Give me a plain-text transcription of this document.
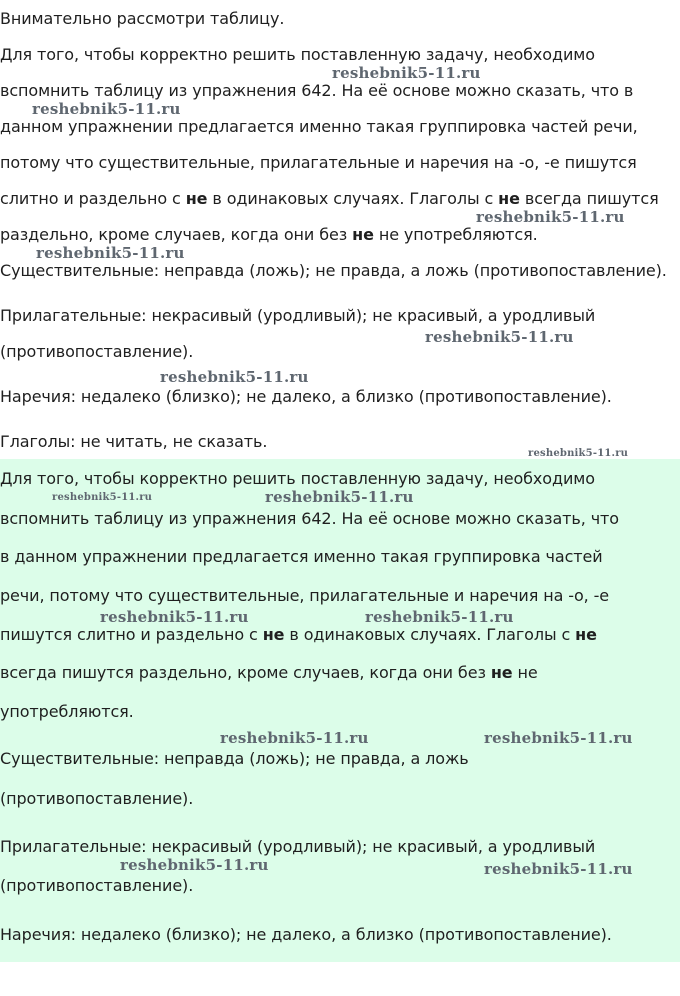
Внимательно рассмотри таблицу.
Для того, чтобы корректно решить поставленную задачу, необходимо
вспомнить таблицу из упражнения 642. На её основе можно сказать, что в
данном упражнении предлагается именно такая группировка частей речи,
потому что существительные, прилагательные и наречия на -о, -е пишутся
слитно и раздельно с не в одинаковых случаях. Глаголы с не всегда пишутся
раздельно, кроме случаев, когда они без не не употребляются.
Существительные: неправда (ложь); не правда, а ложь (противопоставление).
Прилагательные: некрасивый (уродливый); не красивый, а уродливый
(противопоставление).
Наречия: недалеко (близко); не далеко, а близко (противопоставление).
Глаголы: не читать, не сказать.
Для того, чтобы корректно решить поставленную задачу, необходимо
вспомнить таблицу из упражнения 642. На её основе можно сказать, что
в данном упражнении предлагается именно такая группировка частей
речи, потому что существительные, прилагательные и наречия на -о, -е
пишутся слитно и раздельно с не в одинаковых случаях. Глаголы с не
всегда пишутся раздельно, кроме случаев, когда они без не не
употребляются.
Существительные: неправда (ложь); не правда, а ложь
(противопоставление).
Прилагательные: некрасивый (уродливый); не красивый, а уродливый
(противопоставление).
Наречия: недалеко (близко); не далеко, а близко (противопоставление).
reshebnik5-11.ru
reshebnik5-11.ru
reshebnik5-11.ru
reshebnik5-11.ru
reshebnik5-11.ru
reshebnik5-11.ru
reshebnik5-11.ru
reshebnik5-11.ru	reshebnik5-11.ru
reshebnik5-11.ru	reshebnik5-11.ru
reshebnik5-11.ru	reshebnik5-11.ru
reshebnik5-11.ru	reshebnik5-11.ru
